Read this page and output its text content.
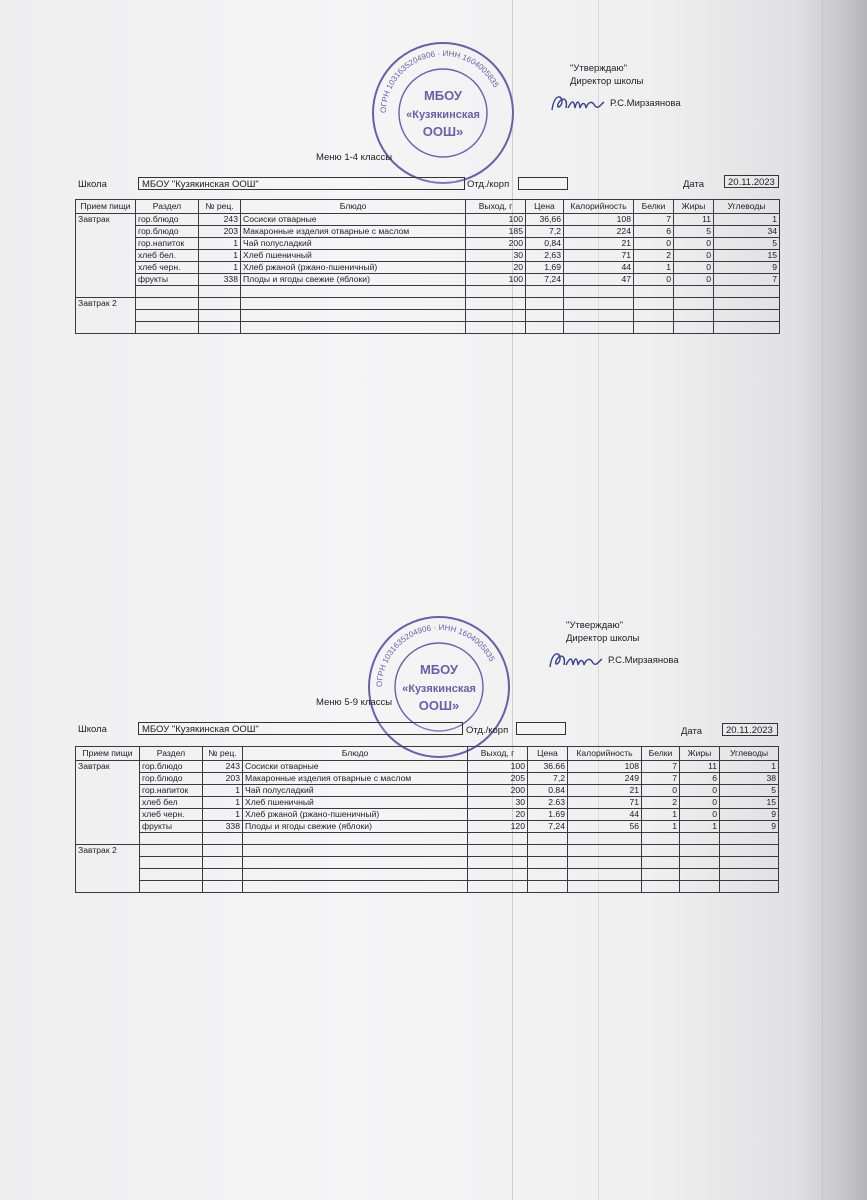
ОГРН 1031635204906 · ИНН 1604005835
МБОУ
«Кузякинская
ООШ»
"Утверждаю"
Директор школы
Р.С.Мирзаянова
Меню 1-4 классы
Школа	МБОУ "Кузякинская ООШ"	Отд./корп	Дата	20.11.2023
Прием пищи	Раздел	№ рец.	Блюдо	Выход, г	Цена	Калорийность	Белки	Жиры	Углеводы
Завтрак	гор.блюдо	243	Сосиски отварные	100	36,66	108	7	11	1
	гор.блюдо	203	Макаронные изделия отварные с маслом	185	7,2	224	6	5	34
	гор.напиток	1	Чай полусладкий	200	0,84	21	0	0	5
	хлеб бел.	1	Хлеб пшеничный	30	2,63	71	2	0	15
	хлеб черн.	1	Хлеб ржаной (ржано-пшеничный)	20	1,69	44	1	0	9
	фрукты	338	Плоды и ягоды свежие (яблоки)	100	7,24	47	0	0	7

Завтрак 2									

ОГРН 1031635204906 · ИНН 1604005835
МБОУ
«Кузякинская
ООШ»
"Утверждаю"
Директор школы
Р.С.Мирзаянова
Меню 5-9 классы
Школа	МБОУ "Кузякинская ООШ"	Отд./корп	Дата	20.11.2023
Прием пищи	Раздел	№ рец.	Блюдо	Выход, г	Цена	Калорийность	Белки	Жиры	Углеводы
Завтрак	гор.блюдо	243	Сосиски отварные	100	36.66	108	7	11	1
	гор.блюдо	203	Макаронные изделия отварные с маслом	205	7,2	249	7	6	38
	гор.напиток	1	Чай полусладкий	200	0.84	21	0	0	5
	хлеб бел	1	Хлеб пшеничный	30	2.63	71	2	0	15
	хлеб черн.	1	Хлеб ржаной (ржано-пшеничный)	20	1.69	44	1	0	9
	фрукты	338	Плоды и ягоды свежие (яблоки)	120	7,24	56	1	1	9

Завтрак 2									
